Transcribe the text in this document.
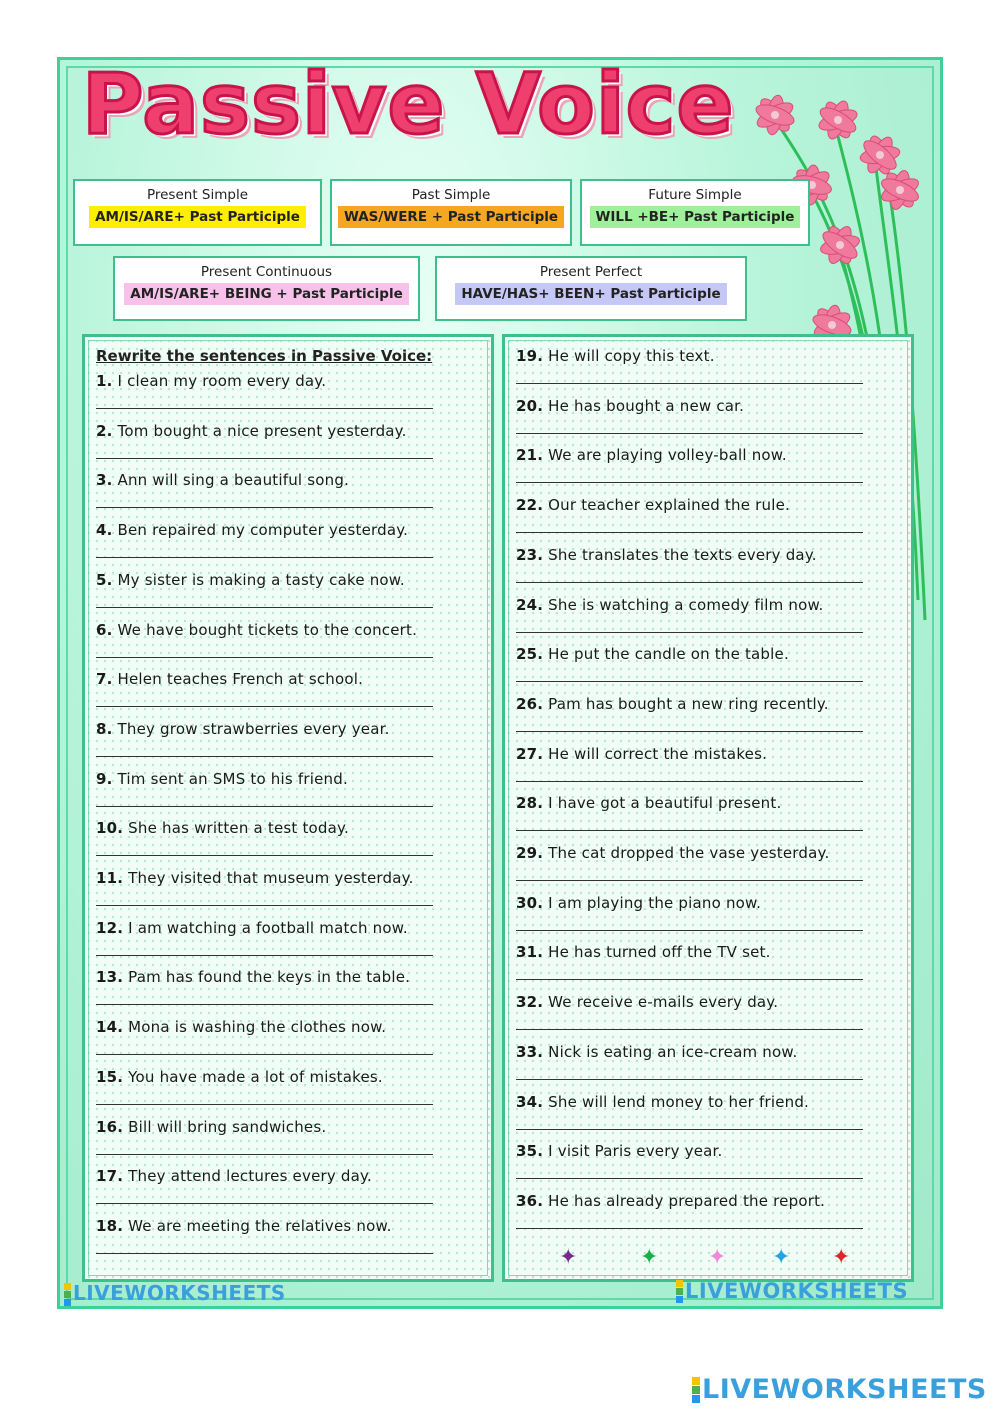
Passive Voice
Present Simple
AM/IS/ARE+ Past Participle
Past Simple
WAS/WERE + Past Participle
Future Simple
WILL +BE+ Past Participle
Present Continuous
AM/IS/ARE+ BEING + Past Participle
Present Perfect
HAVE/HAS+ BEEN+ Past Participle
Rewrite the sentences in Passive Voice:
1. I clean my room every day.
2. Tom bought a nice present yesterday.
3. Ann will sing a beautiful song.
4. Ben repaired my computer yesterday.
5. My sister is making a tasty cake now.
6. We have bought tickets to the concert.
7. Helen teaches French at school.
8. They grow strawberries every year.
9. Tim sent an SMS to his friend.
10. She has written a test today.
11. They visited that museum yesterday.
12. I am watching a football match now.
13. Pam has found the keys in the table.
14. Mona is washing the clothes now.
15. You have made a lot of mistakes.
16. Bill will bring sandwiches.
17. They attend lectures every day.
18. We are meeting the relatives now.
19. He will copy this text.
20. He has bought a new car.
21. We are playing volley-ball now.
22. Our teacher explained the rule.
23. She translates the texts every day.
24. She is watching a comedy film now.
25. He put the candle on the table.
26. Pam has bought a new ring recently.
27. He will correct the mistakes.
28. I have got a beautiful present.
29. The cat dropped the vase yesterday.
30. I am playing the piano now.
31. He has turned off the TV set.
32. We receive e-mails every day.
33. Nick is eating an ice-cream now.
34. She will lend money to her friend.
35. I visit Paris every year.
36. He has already prepared the report.
✦	✦ ✦ ✦ ✦
LIVEWORKSHEETS	LIVEWORKSHEETS
LIVEWORKSHEETS
